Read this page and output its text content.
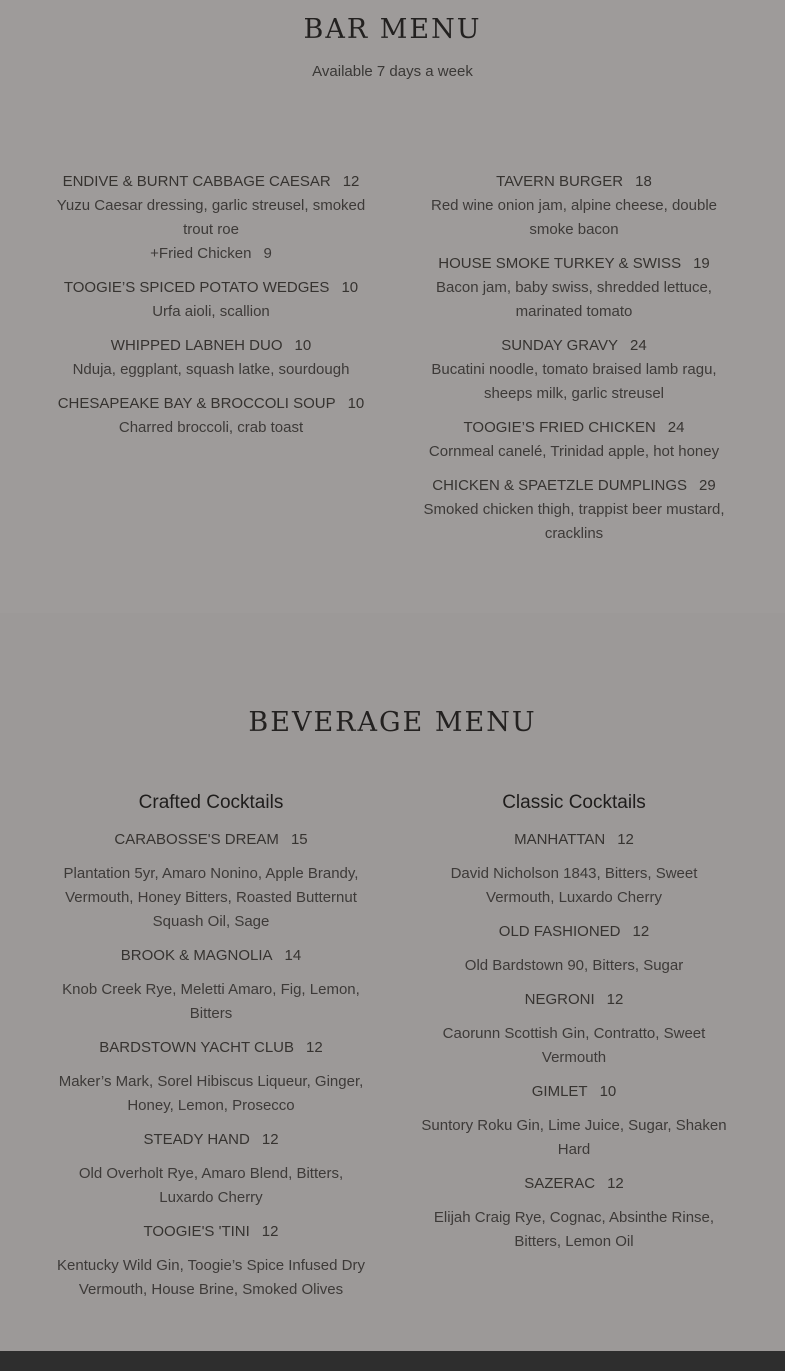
BAR MENU
Available 7 days a week
ENDIVE & BURNT CABBAGE CAESAR 12
Yuzu Caesar dressing, garlic streusel, smoked trout roe
+Fried Chicken 9
TOOGIE’S SPICED POTATO WEDGES 10
Urfa aioli, scallion
WHIPPED LABNEH DUO 10
Nduja, eggplant, squash latke, sourdough
CHESAPEAKE BAY & BROCCOLI SOUP 10
Charred broccoli, crab toast
TAVERN BURGER 18
Red wine onion jam, alpine cheese, double smoke bacon
HOUSE SMOKE TURKEY & SWISS 19
Bacon jam, baby swiss, shredded lettuce, marinated tomato
SUNDAY GRAVY 24
Bucatini noodle, tomato braised lamb ragu, sheeps milk, garlic streusel
TOOGIE’S FRIED CHICKEN 24
Cornmeal canelé, Trinidad apple, hot honey
CHICKEN & SPAETZLE DUMPLINGS 29
Smoked chicken thigh, trappist beer mustard, cracklins
BEVERAGE MENU
Crafted Cocktails
CARABOSSE'S DREAM 15
Plantation 5yr, Amaro Nonino, Apple Brandy, Vermouth, Honey Bitters, Roasted Butternut Squash Oil, Sage
BROOK & MAGNOLIA 14
Knob Creek Rye, Meletti Amaro, Fig, Lemon, Bitters
BARDSTOWN YACHT CLUB 12
Maker’s Mark, Sorel Hibiscus Liqueur, Ginger, Honey, Lemon, Prosecco
STEADY HAND 12
Old Overholt Rye, Amaro Blend, Bitters, Luxardo Cherry
TOOGIE'S 'TINI 12
Kentucky Wild Gin, Toogie’s Spice Infused Dry Vermouth, House Brine, Smoked Olives
Classic Cocktails
MANHATTAN 12
David Nicholson 1843, Bitters, Sweet Vermouth, Luxardo Cherry
OLD FASHIONED 12
Old Bardstown 90, Bitters, Sugar
NEGRONI 12
Caorunn Scottish Gin, Contratto, Sweet Vermouth
GIMLET 10
Suntory Roku Gin, Lime Juice, Sugar, Shaken Hard
SAZERAC 12
Elijah Craig Rye, Cognac, Absinthe Rinse, Bitters, Lemon Oil
